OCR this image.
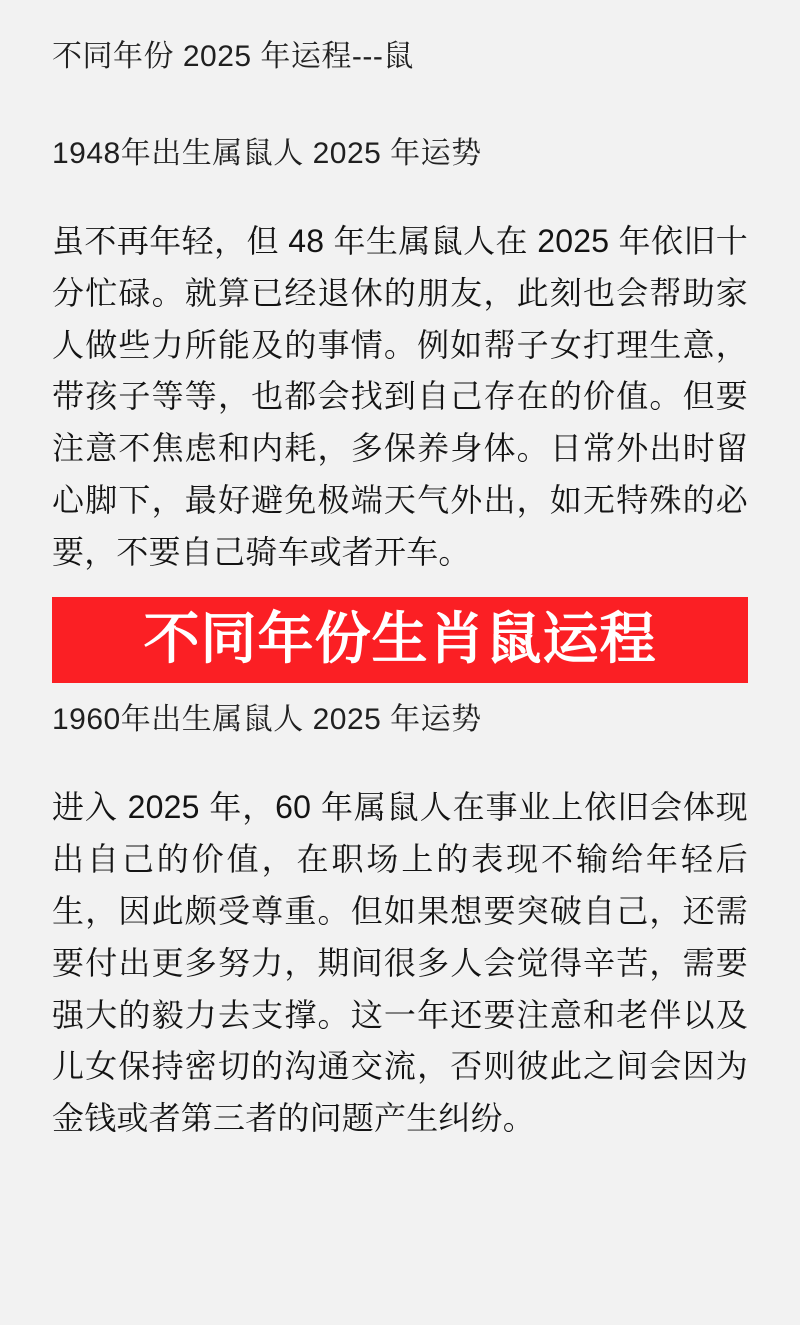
不同年份 2025 年运程---鼠
1948年出生属鼠人 2025 年运势
虽不再年轻，但 48 年生属鼠人在 2025 年依旧十分忙碌。就算已经退休的朋友，此刻也会帮助家人做些力所能及的事情。例如帮子女打理生意，带孩子等等，也都会找到自己存在的价值。但要注意不焦虑和内耗，多保养身体。日常外出时留心脚下，最好避免极端天气外出，如无特殊的必要，不要自己骑车或者开车。
不同年份生肖鼠运程
1960年出生属鼠人 2025 年运势
进入 2025 年，60 年属鼠人在事业上依旧会体现出自己的价值，在职场上的表现不输给年轻后生，因此颇受尊重。但如果想要突破自己，还需要付出更多努力，期间很多人会觉得辛苦，需要强大的毅力去支撑。这一年还要注意和老伴以及儿女保持密切的沟通交流，否则彼此之间会因为金钱或者第三者的问题产生纠纷。
